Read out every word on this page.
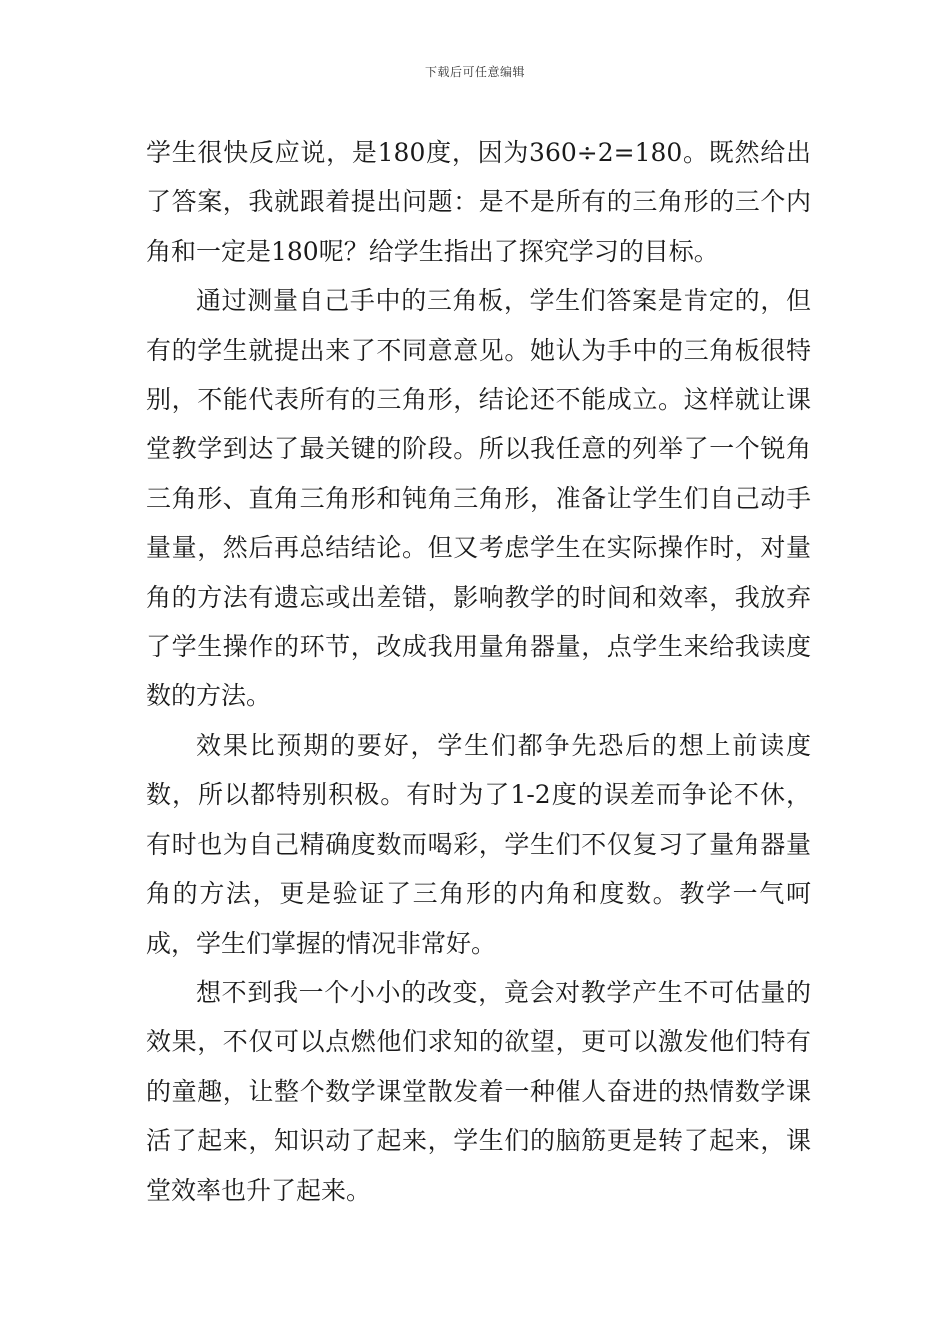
下载后可任意编辑

学生很快反应说，是180度，因为360÷2=180。既然给出了答案，我就跟着提出问题：是不是所有的三角形的三个内角和一定是180呢？给学生指出了探究学习的目标。

通过测量自己手中的三角板，学生们答案是肯定的，但有的学生就提出来了不同意意见。她认为手中的三角板很特别，不能代表所有的三角形，结论还不能成立。这样就让课堂教学到达了最关键的阶段。所以我任意的列举了一个锐角三角形、直角三角形和钝角三角形，准备让学生们自己动手量量，然后再总结结论。但又考虑学生在实际操作时，对量角的方法有遗忘或出差错，影响教学的时间和效率，我放弃了学生操作的环节，改成我用量角器量，点学生来给我读度数的方法。

效果比预期的要好，学生们都争先恐后的想上前读度数，所以都特别积极。有时为了1-2度的误差而争论不休，有时也为自己精确度数而喝彩，学生们不仅复习了量角器量角的方法，更是验证了三角形的内角和度数。教学一气呵成，学生们掌握的情况非常好。

想不到我一个小小的改变，竟会对教学产生不可估量的效果，不仅可以点燃他们求知的欲望，更可以激发他们特有的童趣，让整个数学课堂散发着一种催人奋进的热情数学课活了起来，知识动了起来，学生们的脑筋更是转了起来，课堂效率也升了起来。
